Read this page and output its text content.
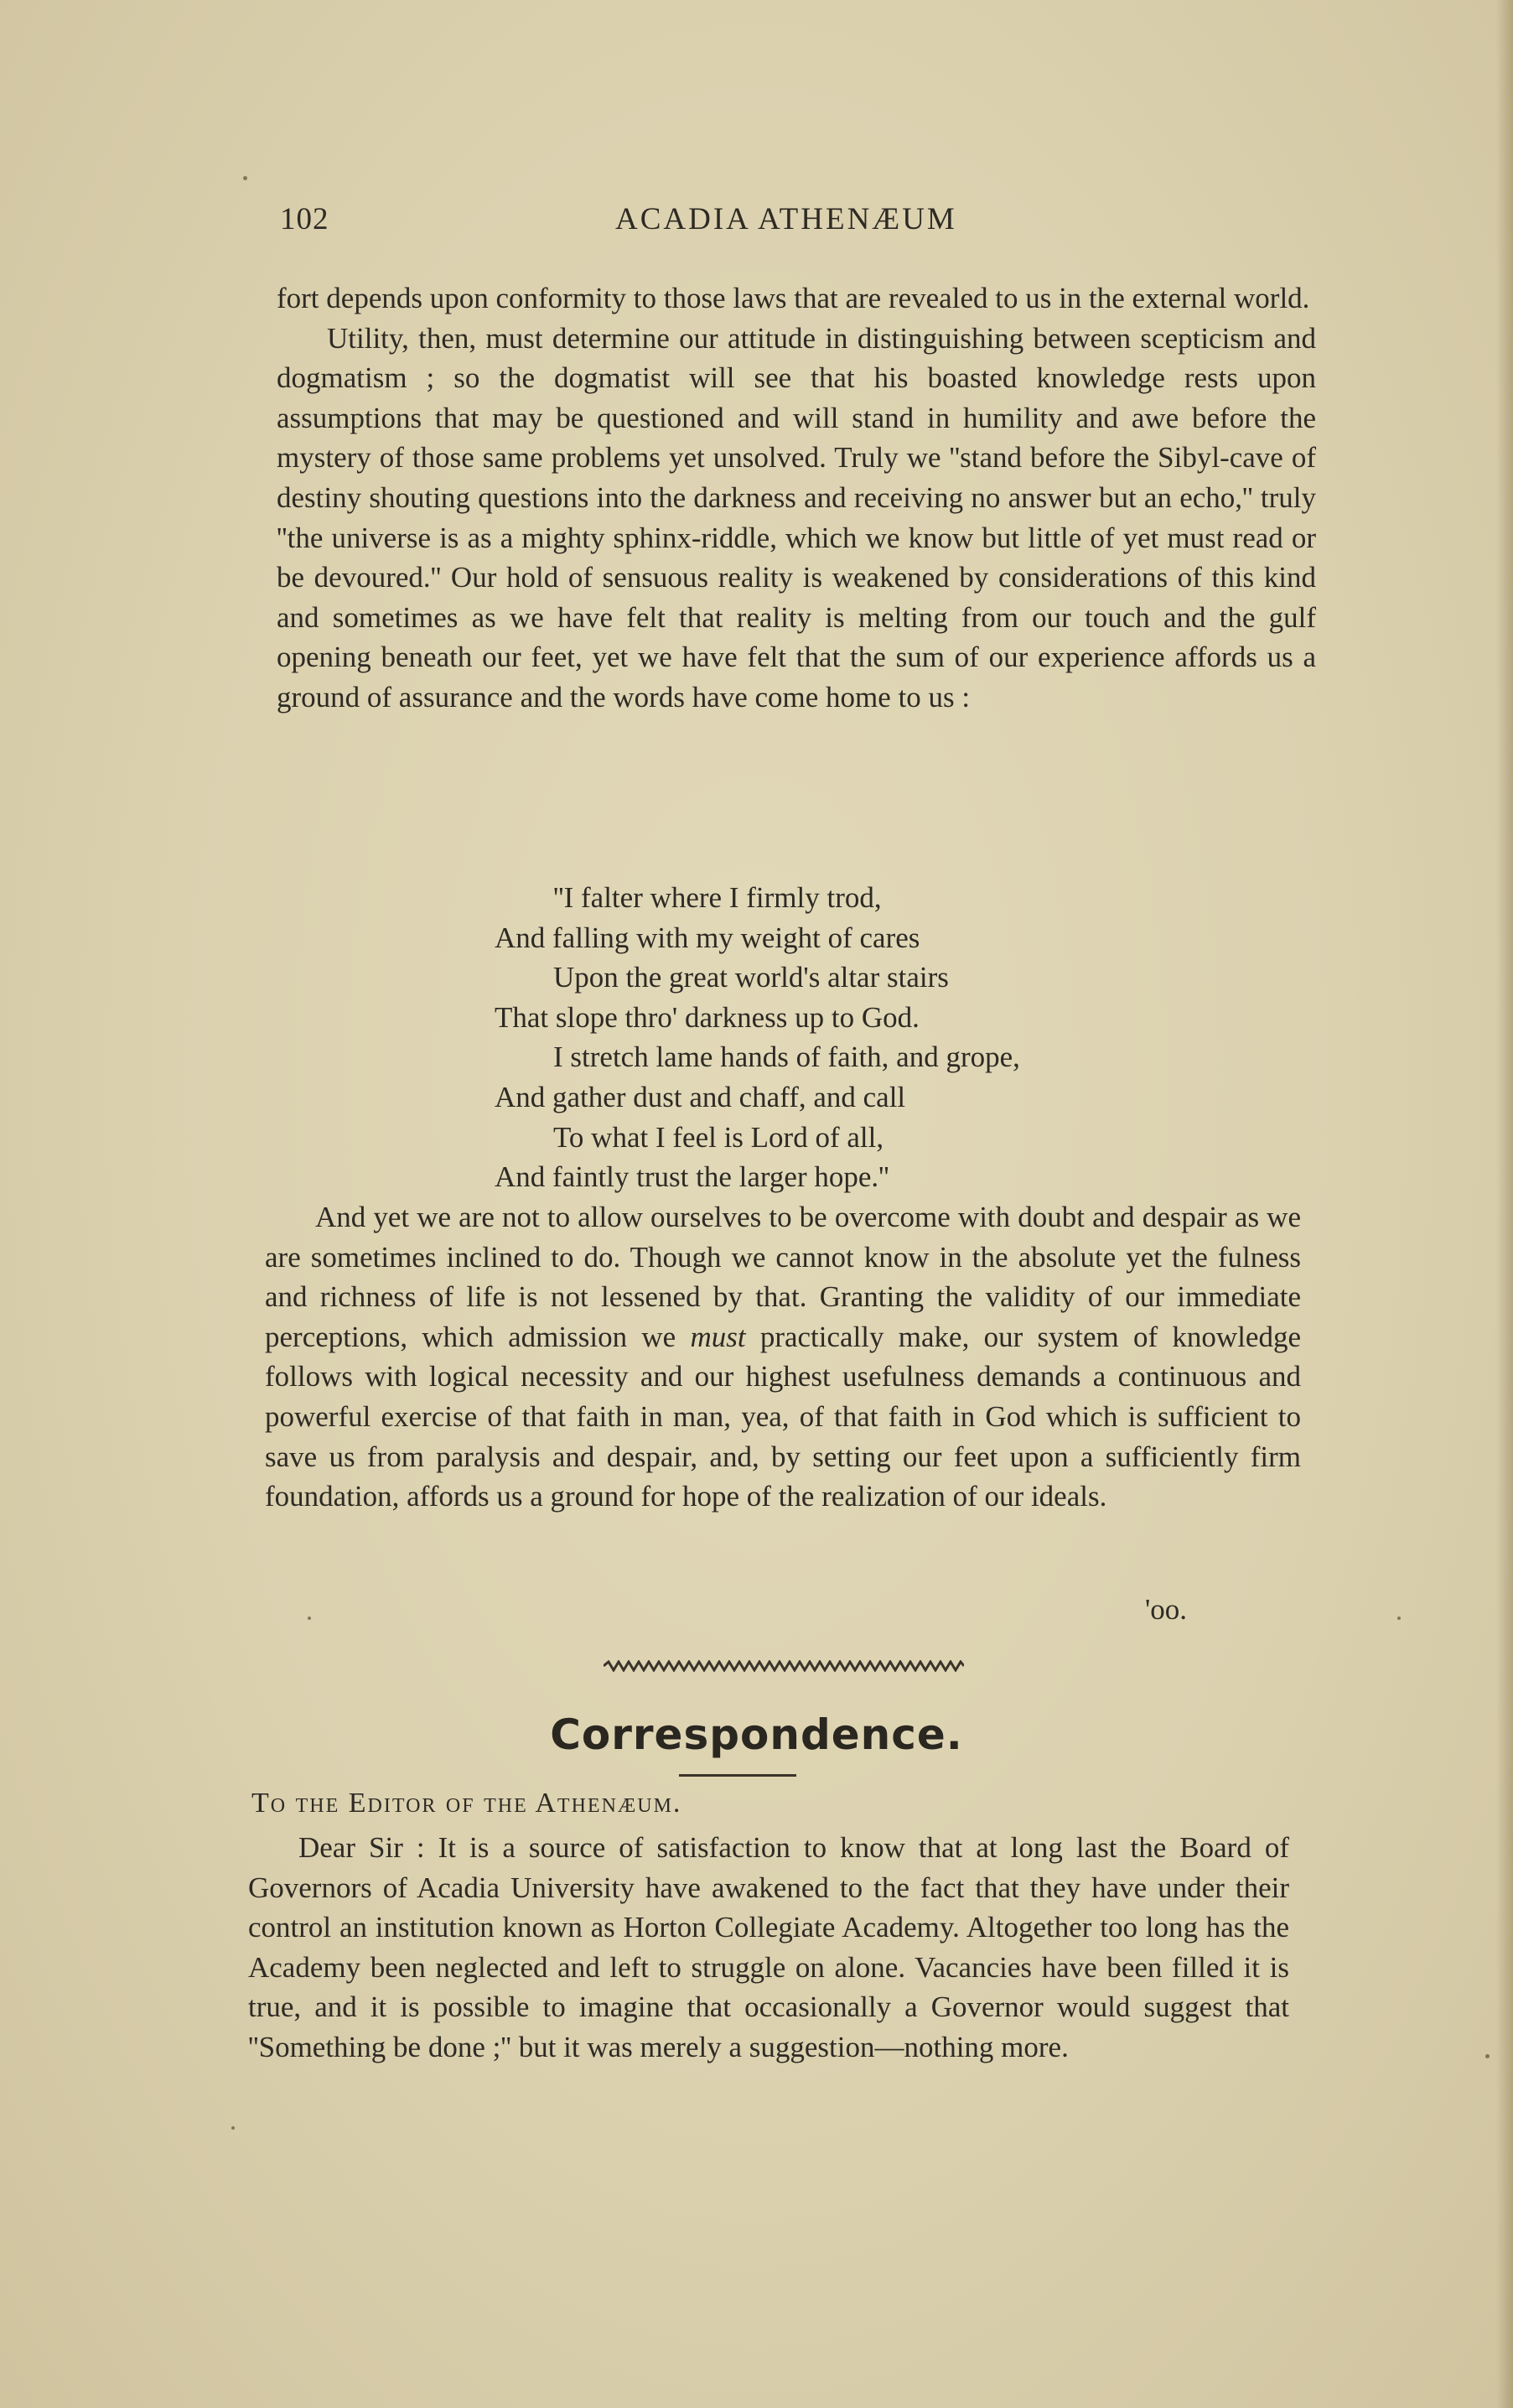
102	ACADIA ATHENÆUM

fort depends upon conformity to those laws that are revealed to us in the external world.

Utility, then, must determine our attitude in distinguishing between scepticism and dogmatism ; so the dogmatist will see that his boasted knowledge rests upon assumptions that may be questioned and will stand in humility and awe before the mystery of those same problems yet unsolved. Truly we ''stand before the Sibyl-cave of destiny shouting questions into the darkness and receiving no answer but an echo,'' truly ''the universe is as a mighty sphinx-riddle, which we know but little of yet must read or be devoured.'' Our hold of sensuous reality is weakened by considerations of this kind and sometimes as we have felt that reality is melting from our touch and the gulf opening beneath our feet, yet we have felt that the sum of our experience affords us a ground of assurance and the words have come home to us :

''I falter where I firmly trod,
And falling with my weight of cares
Upon the great world's altar stairs
That slope thro' darkness up to God.
I stretch lame hands of faith, and grope,
And gather dust and chaff, and call
To what I feel is Lord of all,
And faintly trust the larger hope.''

And yet we are not to allow ourselves to be overcome with doubt and despair as we are sometimes inclined to do. Though we cannot know in the absolute yet the fulness and richness of life is not lessened by that. Granting the validity of our immediate perceptions, which admission we must practically make, our system of knowledge follows with logical necessity and our highest usefulness demands a continuous and powerful exercise of that faith in man, yea, of that faith in God which is sufficient to save us from paralysis and despair, and, by setting our feet upon a sufficiently firm foundation, affords us a ground for hope of the realization of our ideals.

'oo.
Correspondence.
To the Editor of the Athenæum.

Dear Sir : It is a source of satisfaction to know that at long last the Board of Governors of Acadia University have awakened to the fact that they have under their control an institution known as Horton Collegiate Academy. Altogether too long has the Academy been neglected and left to struggle on alone. Vacancies have been filled it is true, and it is possible to imagine that occasionally a Governor would suggest that ''Something be done ;'' but it was merely a suggestion—nothing more.
